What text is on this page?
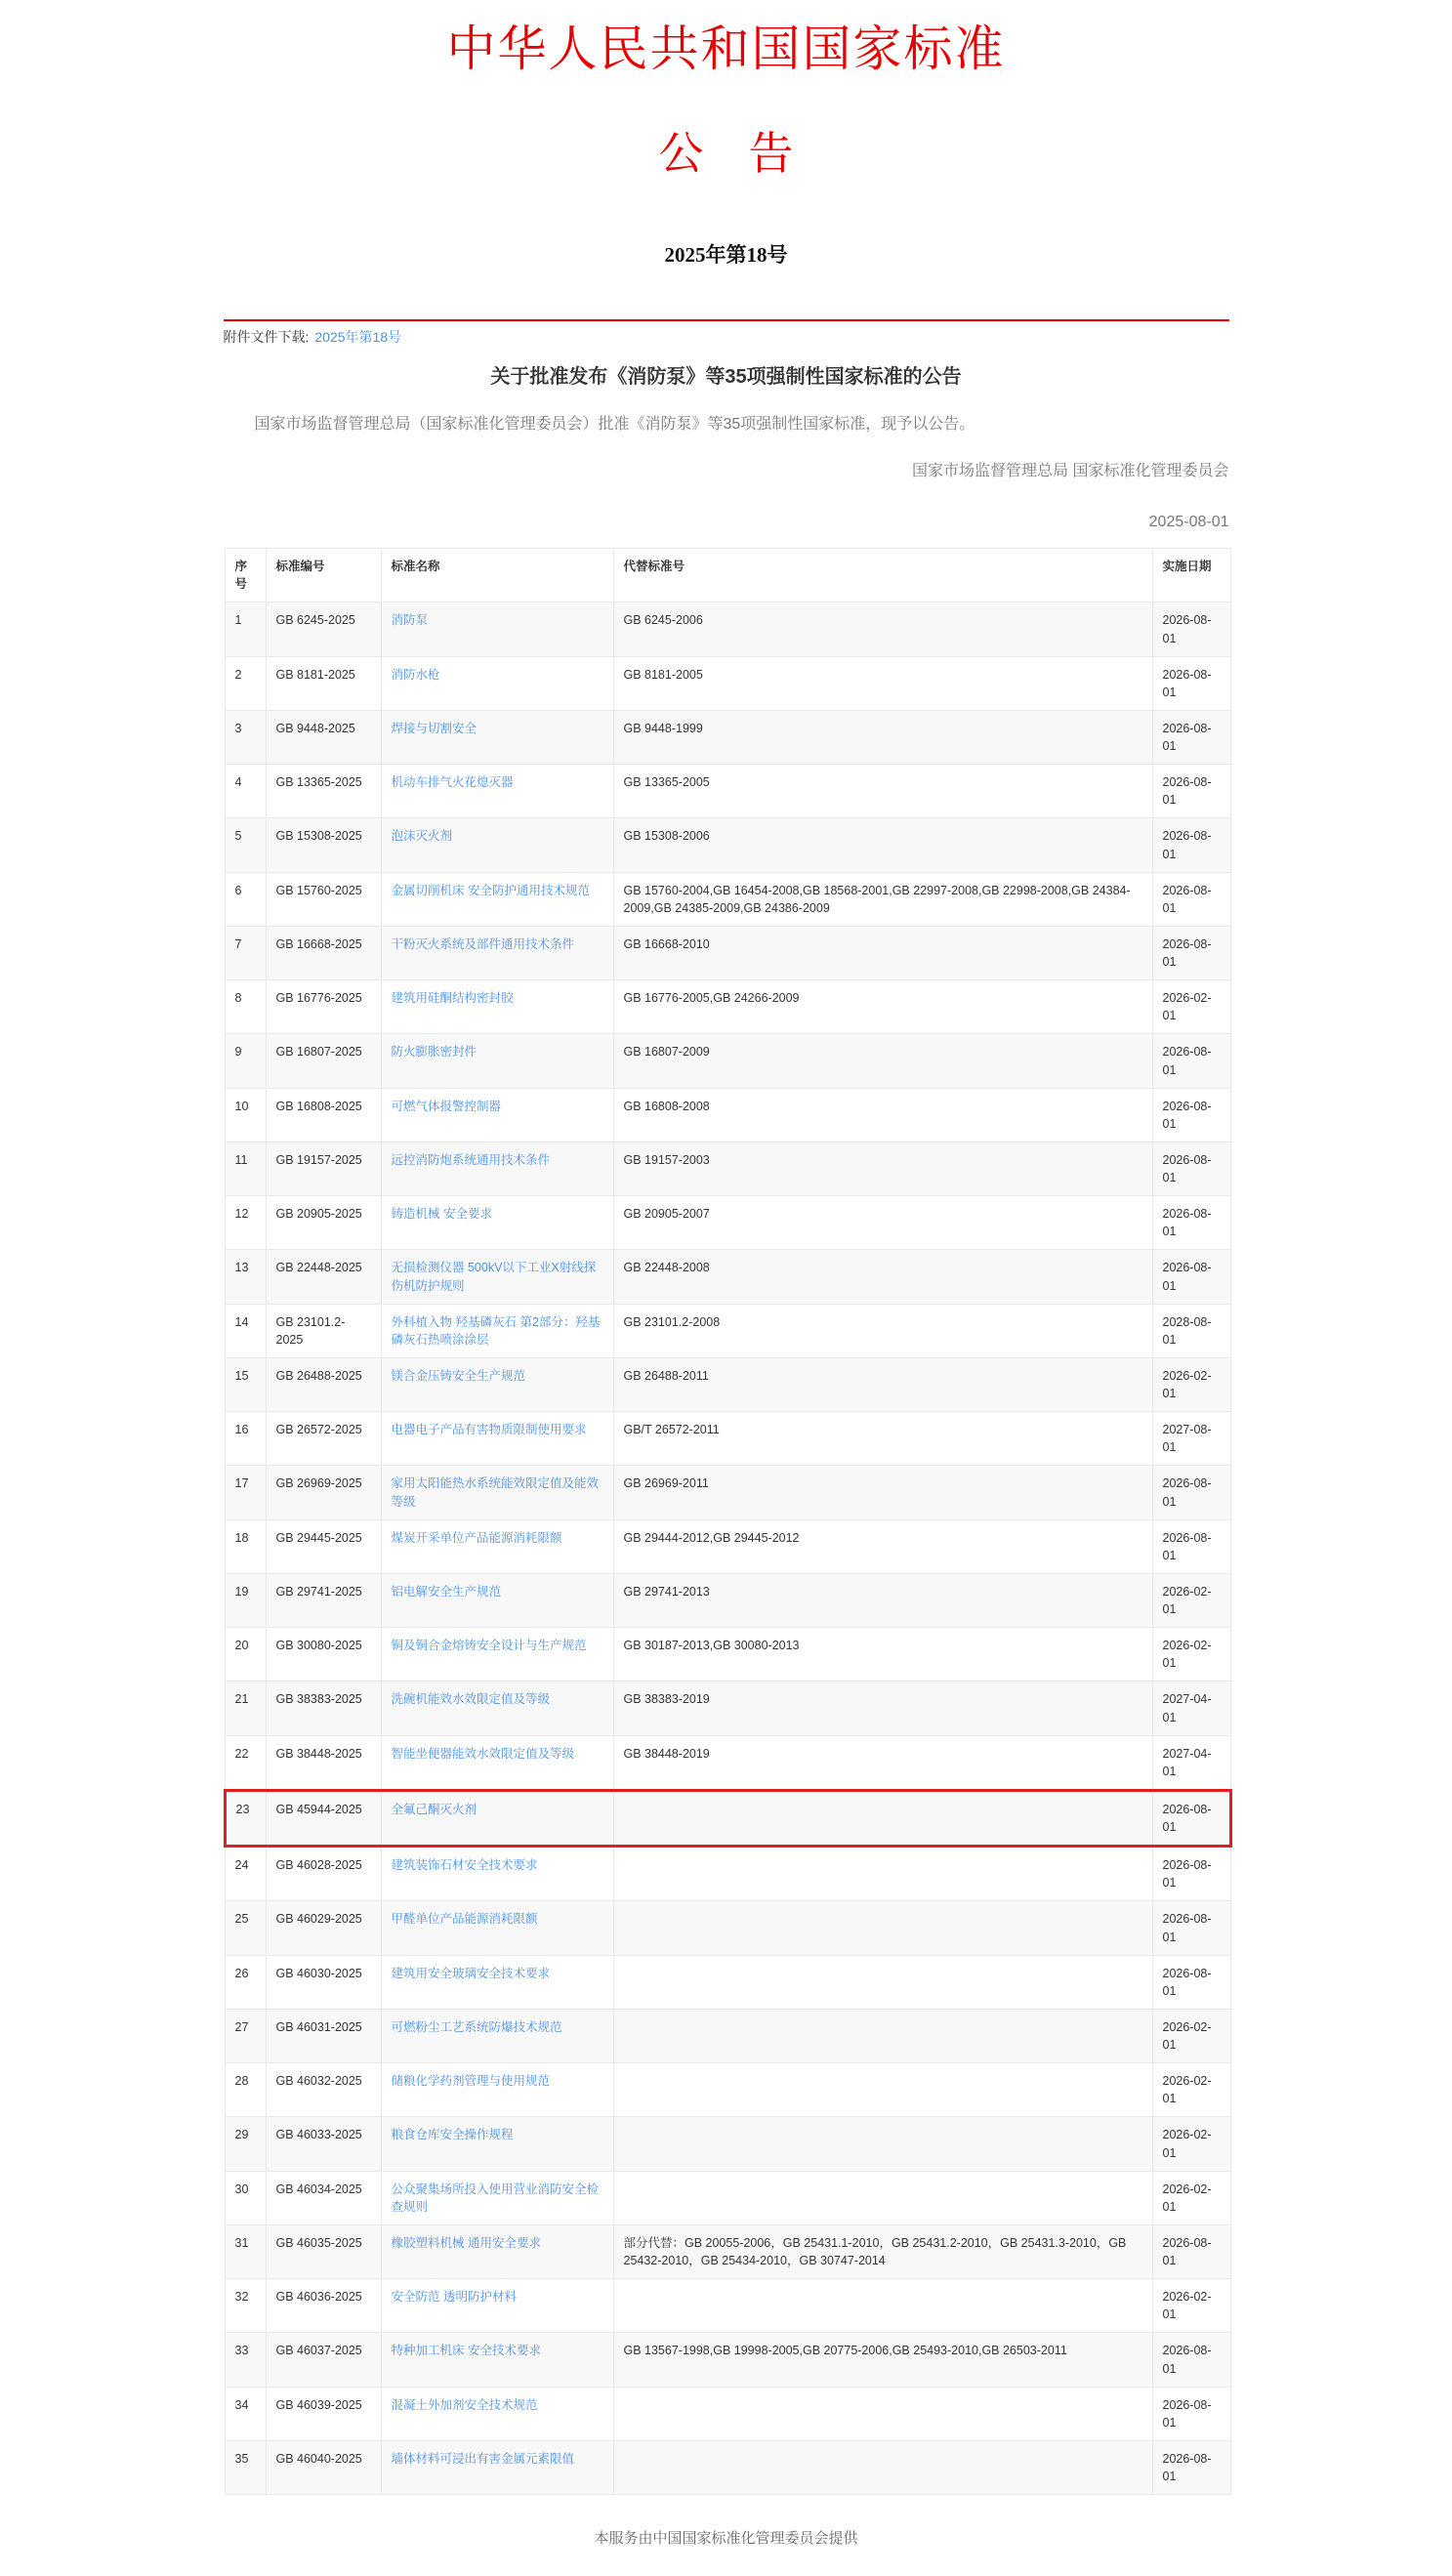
中华人民共和国国家标准
公　告
2025年第18号
附件文件下载: 2025年第18号
关于批准发布《消防泵》等35项强制性国家标准的公告

国家市场监督管理总局（国家标准化管理委员会）批准《消防泵》等35项强制性国家标准，现予以公告。

国家市场监督管理总局 国家标准化管理委员会

2025-08-01

序号	标准编号	标准名称	代替标准号	实施日期
1	GB 6245-2025	消防泵	GB 6245-2006	2026-08-01
2	GB 8181-2025	消防水枪	GB 8181-2005	2026-08-01
3	GB 9448-2025	焊接与切割安全	GB 9448-1999	2026-08-01
4	GB 13365-2025	机动车排气火花熄灭器	GB 13365-2005	2026-08-01
5	GB 15308-2025	泡沫灭火剂	GB 15308-2006	2026-08-01
6	GB 15760-2025	金属切削机床 安全防护通用技术规范	GB 15760-2004,GB 16454-2008,GB 18568-2001,GB 22997-2008,GB 22998-2008,GB 24384-2009,GB 24385-2009,GB 24386-2009	2026-08-01
7	GB 16668-2025	干粉灭火系统及部件通用技术条件	GB 16668-2010	2026-08-01
8	GB 16776-2025	建筑用硅酮结构密封胶	GB 16776-2005,GB 24266-2009	2026-02-01
9	GB 16807-2025	防火膨胀密封件	GB 16807-2009	2026-08-01
10	GB 16808-2025	可燃气体报警控制器	GB 16808-2008	2026-08-01
11	GB 19157-2025	远控消防炮系统通用技术条件	GB 19157-2003	2026-08-01
12	GB 20905-2025	铸造机械 安全要求	GB 20905-2007	2026-08-01
13	GB 22448-2025	无损检测仪器 500kV以下工业X射线探伤机防护规则	GB 22448-2008	2026-08-01
14	GB 23101.2-2025	外科植入物 羟基磷灰石 第2部分：羟基磷灰石热喷涂涂层	GB 23101.2-2008	2028-08-01
15	GB 26488-2025	镁合金压铸安全生产规范	GB 26488-2011	2026-02-01
16	GB 26572-2025	电器电子产品有害物质限制使用要求	GB/T 26572-2011	2027-08-01
17	GB 26969-2025	家用太阳能热水系统能效限定值及能效等级	GB 26969-2011	2026-08-01
18	GB 29445-2025	煤炭开采单位产品能源消耗限额	GB 29444-2012,GB 29445-2012	2026-08-01
19	GB 29741-2025	铝电解安全生产规范	GB 29741-2013	2026-02-01
20	GB 30080-2025	铜及铜合金熔铸安全设计与生产规范	GB 30187-2013,GB 30080-2013	2026-02-01
21	GB 38383-2025	洗碗机能效水效限定值及等级	GB 38383-2019	2027-04-01
22	GB 38448-2025	智能坐便器能效水效限定值及等级	GB 38448-2019	2027-04-01
23	GB 45944-2025	全氟己酮灭火剂		2026-08-01
24	GB 46028-2025	建筑装饰石材安全技术要求		2026-08-01
25	GB 46029-2025	甲醛单位产品能源消耗限额		2026-08-01
26	GB 46030-2025	建筑用安全玻璃安全技术要求		2026-08-01
27	GB 46031-2025	可燃粉尘工艺系统防爆技术规范		2026-02-01
28	GB 46032-2025	储粮化学药剂管理与使用规范		2026-02-01
29	GB 46033-2025	粮食仓库安全操作规程		2026-02-01
30	GB 46034-2025	公众聚集场所投入使用营业消防安全检查规则		2026-02-01
31	GB 46035-2025	橡胶塑料机械 通用安全要求	部分代替：GB 20055-2006，GB 25431.1-2010，GB 25431.2-2010，GB 25431.3-2010，GB 25432-2010，GB 25434-2010，GB 30747-2014	2026-08-01
32	GB 46036-2025	安全防范 透明防护材料		2026-02-01
33	GB 46037-2025	特种加工机床 安全技术要求	GB 13567-1998,GB 19998-2005,GB 20775-2006,GB 25493-2010,GB 26503-2011	2026-08-01
34	GB 46039-2025	混凝土外加剂安全技术规范		2026-08-01
35	GB 46040-2025	墙体材料可浸出有害金属元素限值		2026-08-01
本服务由中国国家标准化管理委员会提供
